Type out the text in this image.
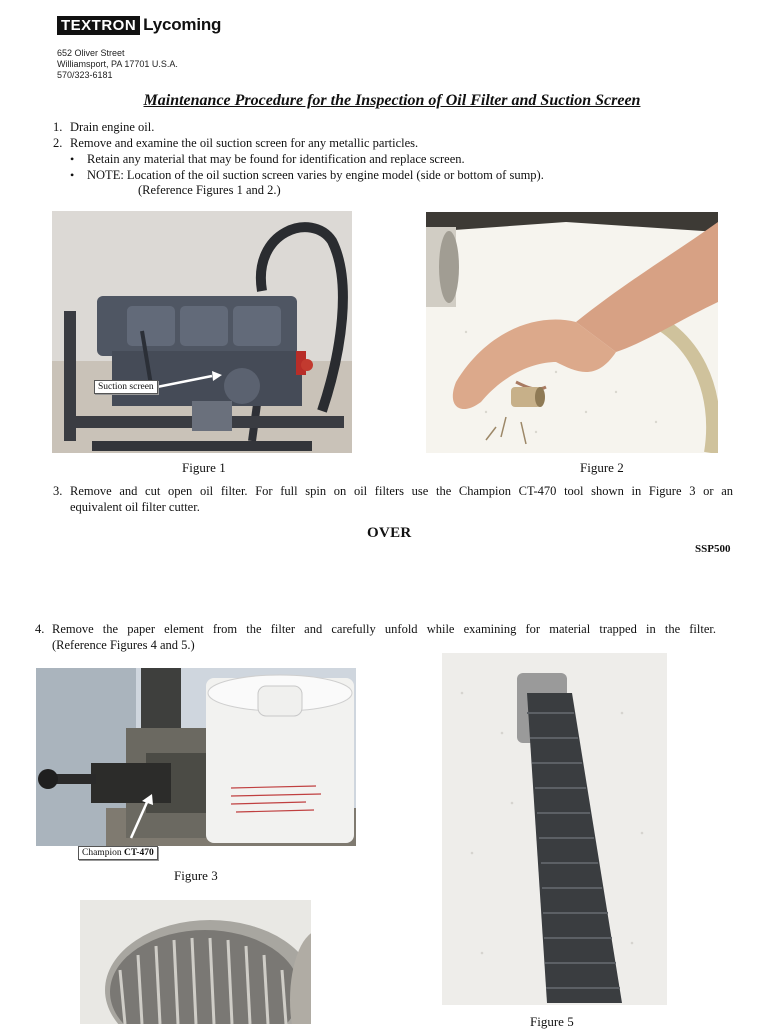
TEXTRON Lycoming
652 Oliver Street
Williamsport, PA 17701 U.S.A.
570/323-6181
Maintenance Procedure for the Inspection of Oil Filter and Suction Screen
1. Drain engine oil.
2. Remove and examine the oil suction screen for any metallic particles.
• Retain any material that may be found for identification and replace screen.
• NOTE: Location of the oil suction screen varies by engine model (side or bottom of sump).
(Reference Figures 1 and 2.)
Suction screen
Figure 1	Figure 2
3. Remove and cut open oil filter. For full spin on oil filters use the Champion CT-470 tool shown in Figure 3 or an
equivalent oil filter cutter.
OVER
SSP500
4. Remove the paper element from the filter and carefully unfold while examining for material trapped in the filter.
(Reference Figures 4 and 5.)
Champion CT-470
Figure 3
Figure 5
